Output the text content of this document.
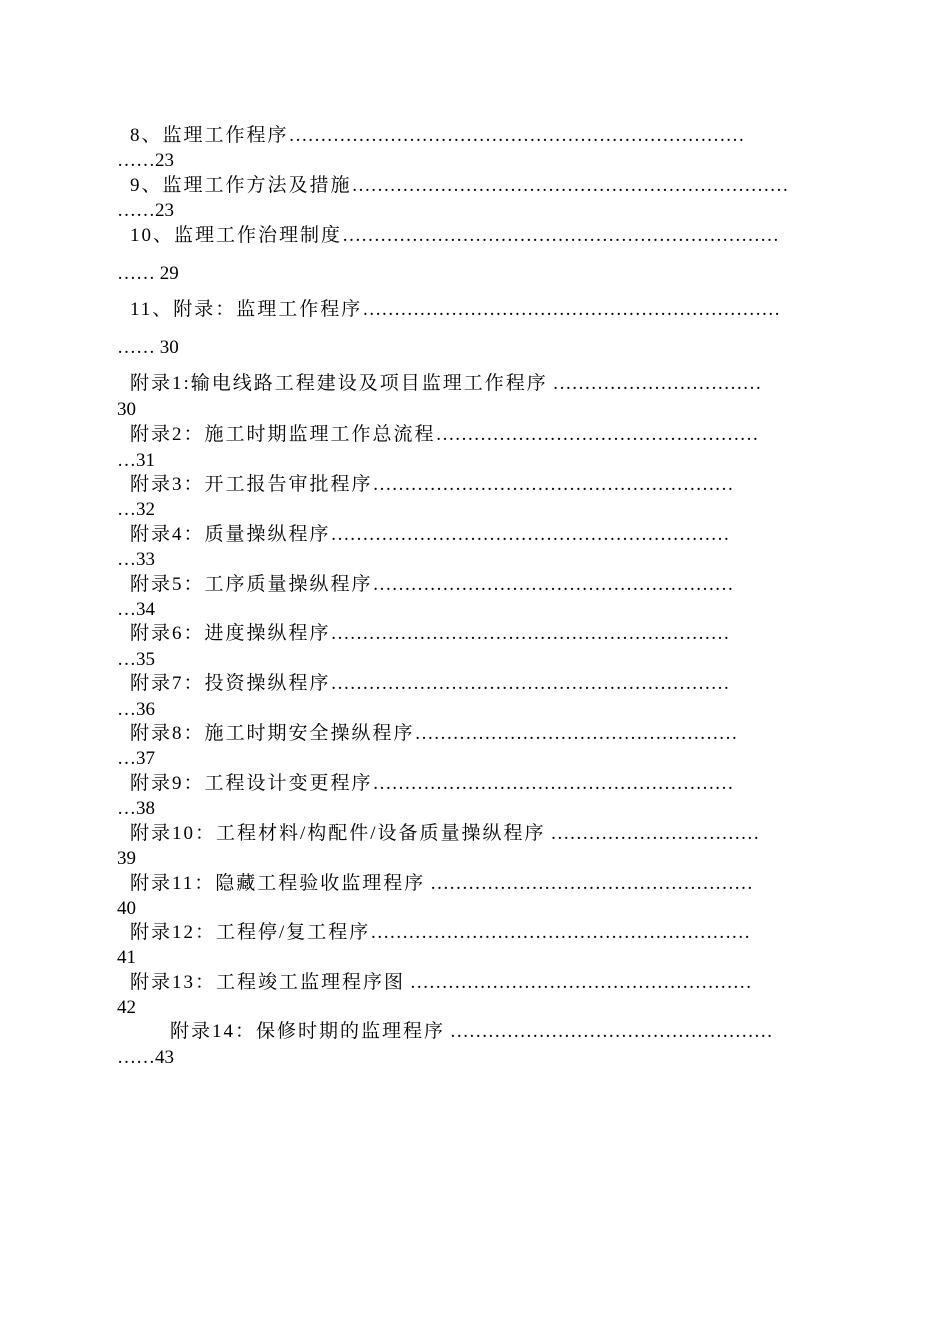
8、监理工作程序………………………………………………………………
……23
9、监理工作方法及措施……………………………………………………………
……23
10、监理工作治理制度……………………………………………………………
…… 29
11、附录：监理工作程序…………………………………………………………
…… 30
附录1:输电线路工程建设及项目监理工作程序 ……………………………
30
附录2：施工时期监理工作总流程……………………………………………
…31
附录3：开工报告审批程序…………………………………………………
…32
附录4：质量操纵程序………………………………………………………
…33
附录5：工序质量操纵程序…………………………………………………
…34
附录6：进度操纵程序………………………………………………………
…35
附录7：投资操纵程序………………………………………………………
…36
附录8：施工时期安全操纵程序……………………………………………
…37
附录9：工程设计变更程序…………………………………………………
…38
附录10：工程材料/构配件/设备质量操纵程序 ……………………………
39
附录11：隐藏工程验收监理程序 ……………………………………………
40
附录12：工程停/复工程序……………………………………………………
41
附录13：工程竣工监理程序图 ………………………………………………
42
附录14：保修时期的监理程序 ……………………………………………
……43
